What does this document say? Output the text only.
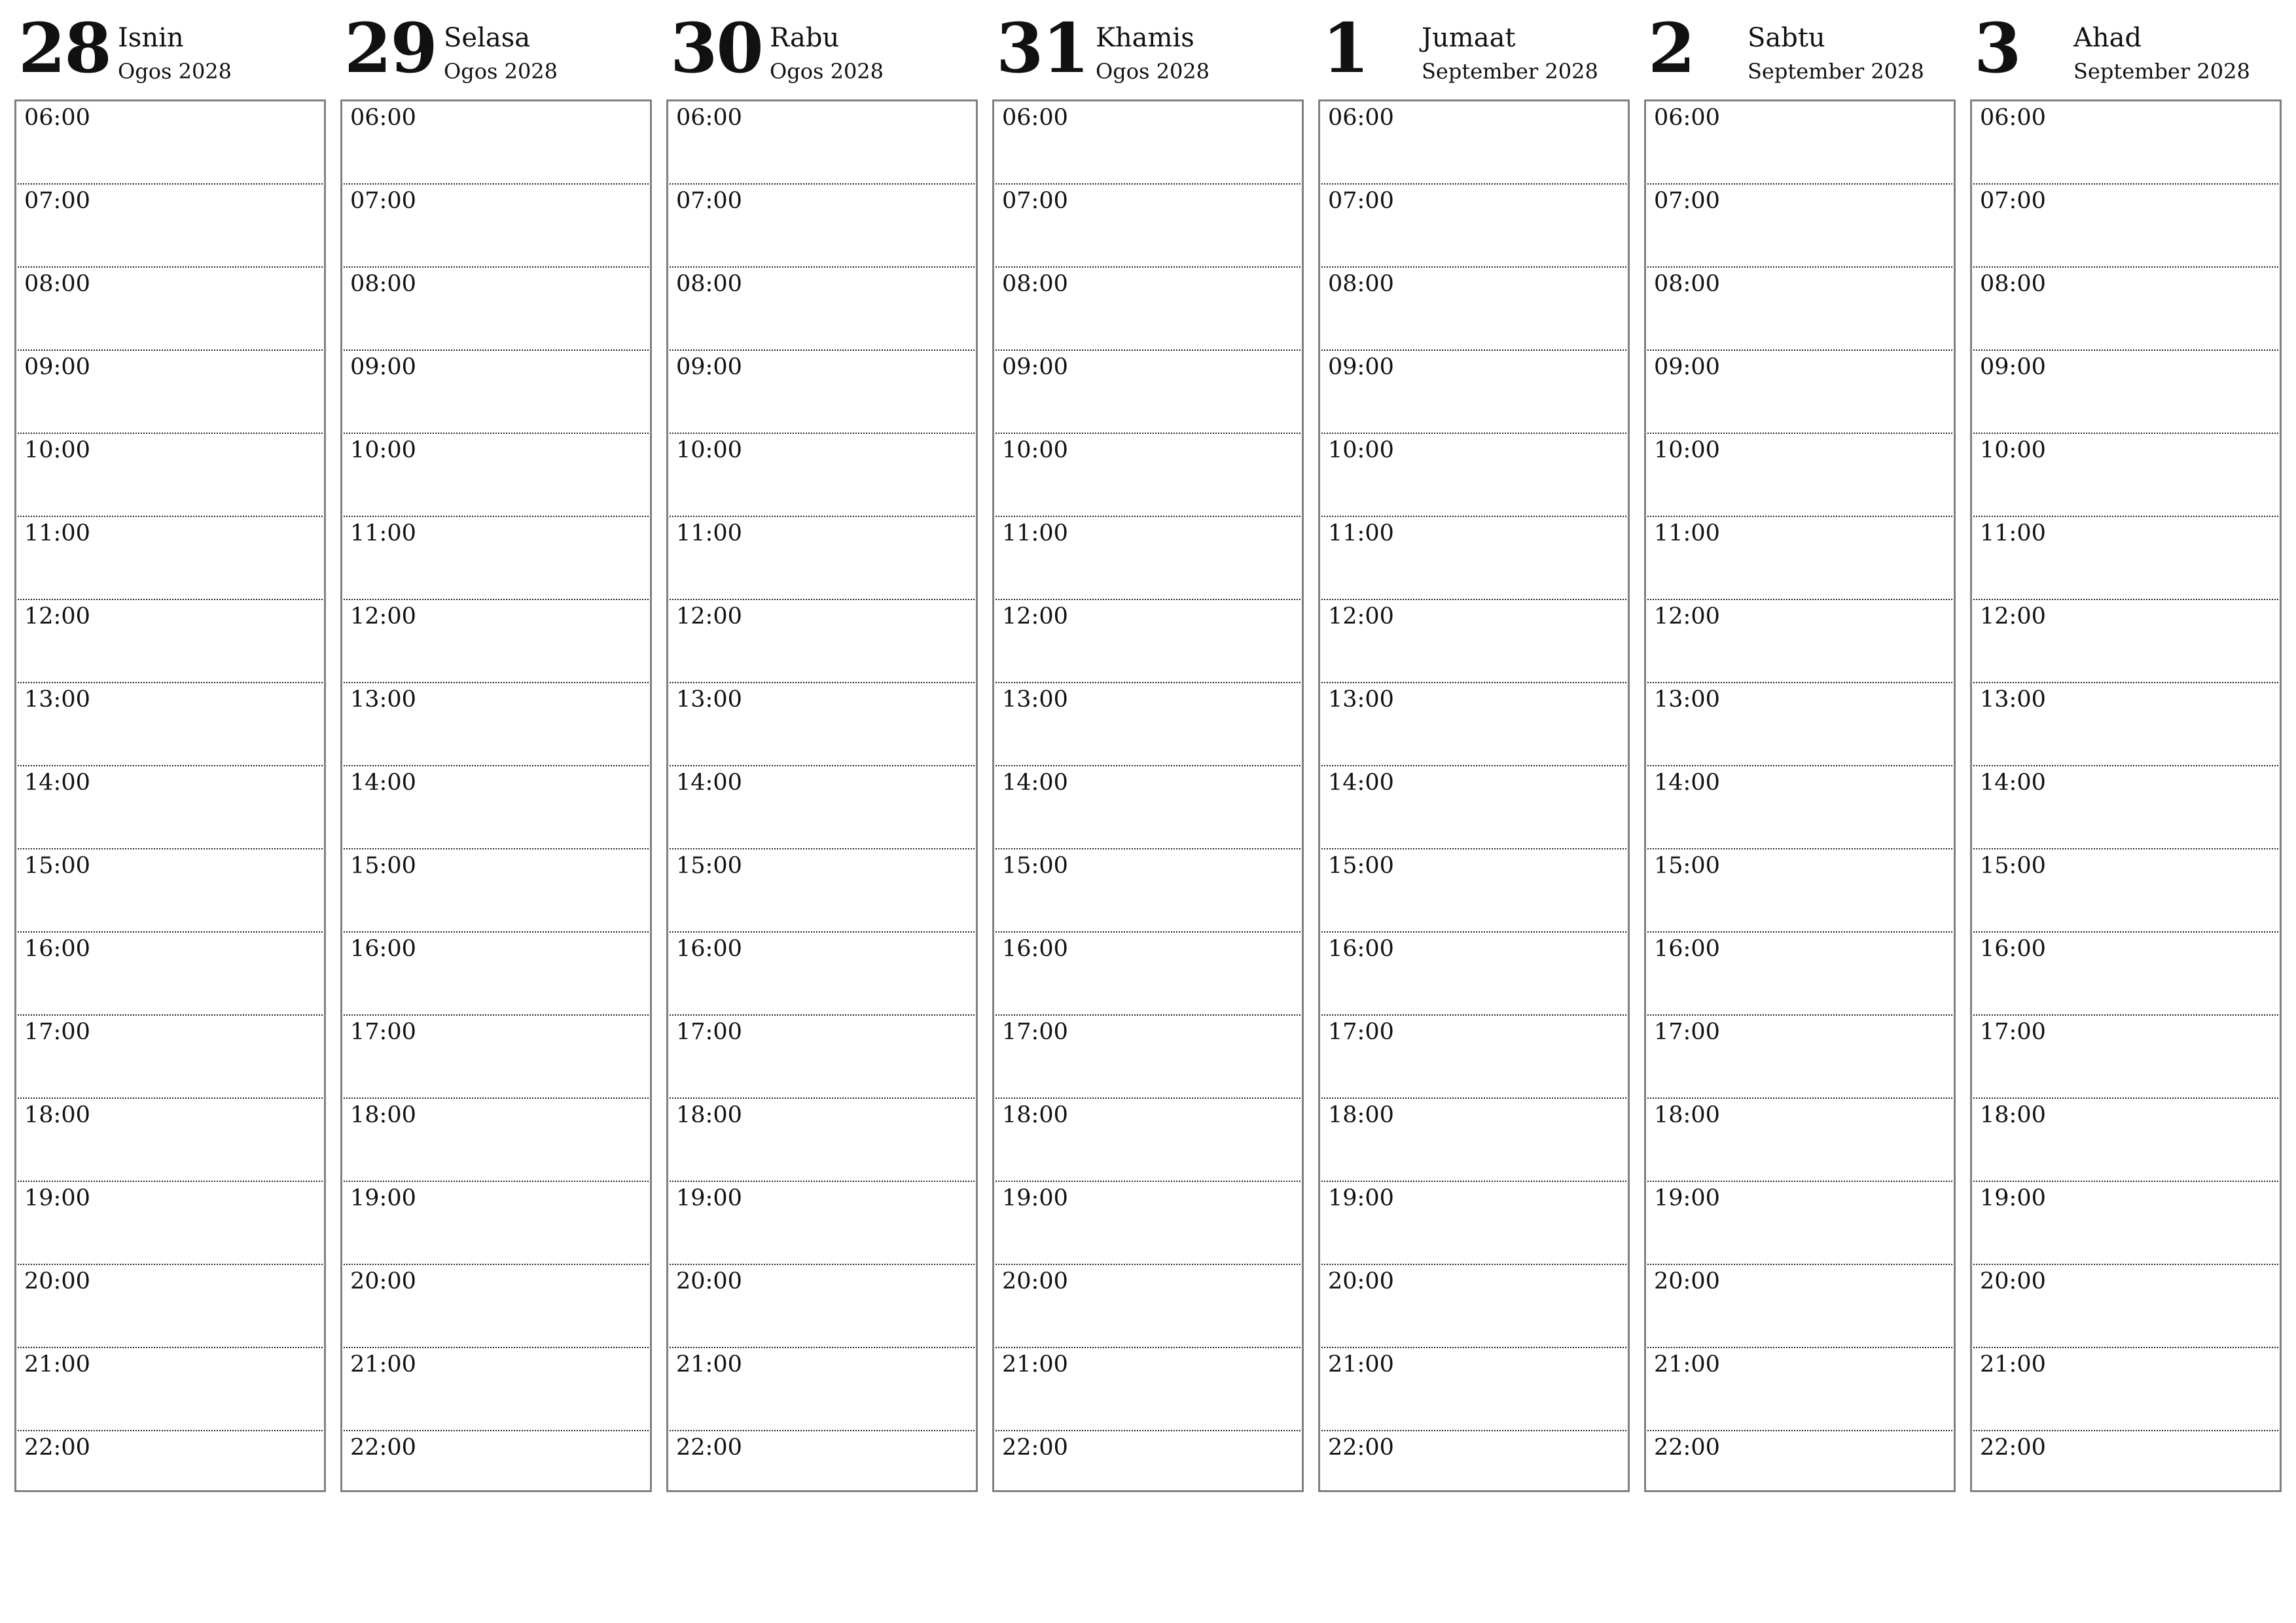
28 Isnin
Ogos 2028
06:00
07:00
08:00
09:00
10:00
11:00
12:00
13:00
14:00
15:00
16:00
17:00
18:00
19:00
20:00
21:00
22:00
29 Selasa
Ogos 2028
06:00
07:00
08:00
09:00
10:00
11:00
12:00
13:00
14:00
15:00
16:00
17:00
18:00
19:00
20:00
21:00
22:00
30 Rabu
Ogos 2028
06:00
07:00
08:00
09:00
10:00
11:00
12:00
13:00
14:00
15:00
16:00
17:00
18:00
19:00
20:00
21:00
22:00
31 Khamis
Ogos 2028
06:00
07:00
08:00
09:00
10:00
11:00
12:00
13:00
14:00
15:00
16:00
17:00
18:00
19:00
20:00
21:00
22:00
1 Jumaat
September 2028
06:00
07:00
08:00
09:00
10:00
11:00
12:00
13:00
14:00
15:00
16:00
17:00
18:00
19:00
20:00
21:00
22:00
2 Sabtu
September 2028
06:00
07:00
08:00
09:00
10:00
11:00
12:00
13:00
14:00
15:00
16:00
17:00
18:00
19:00
20:00
21:00
22:00
3 Ahad
September 2028
06:00
07:00
08:00
09:00
10:00
11:00
12:00
13:00
14:00
15:00
16:00
17:00
18:00
19:00
20:00
21:00
22:00
